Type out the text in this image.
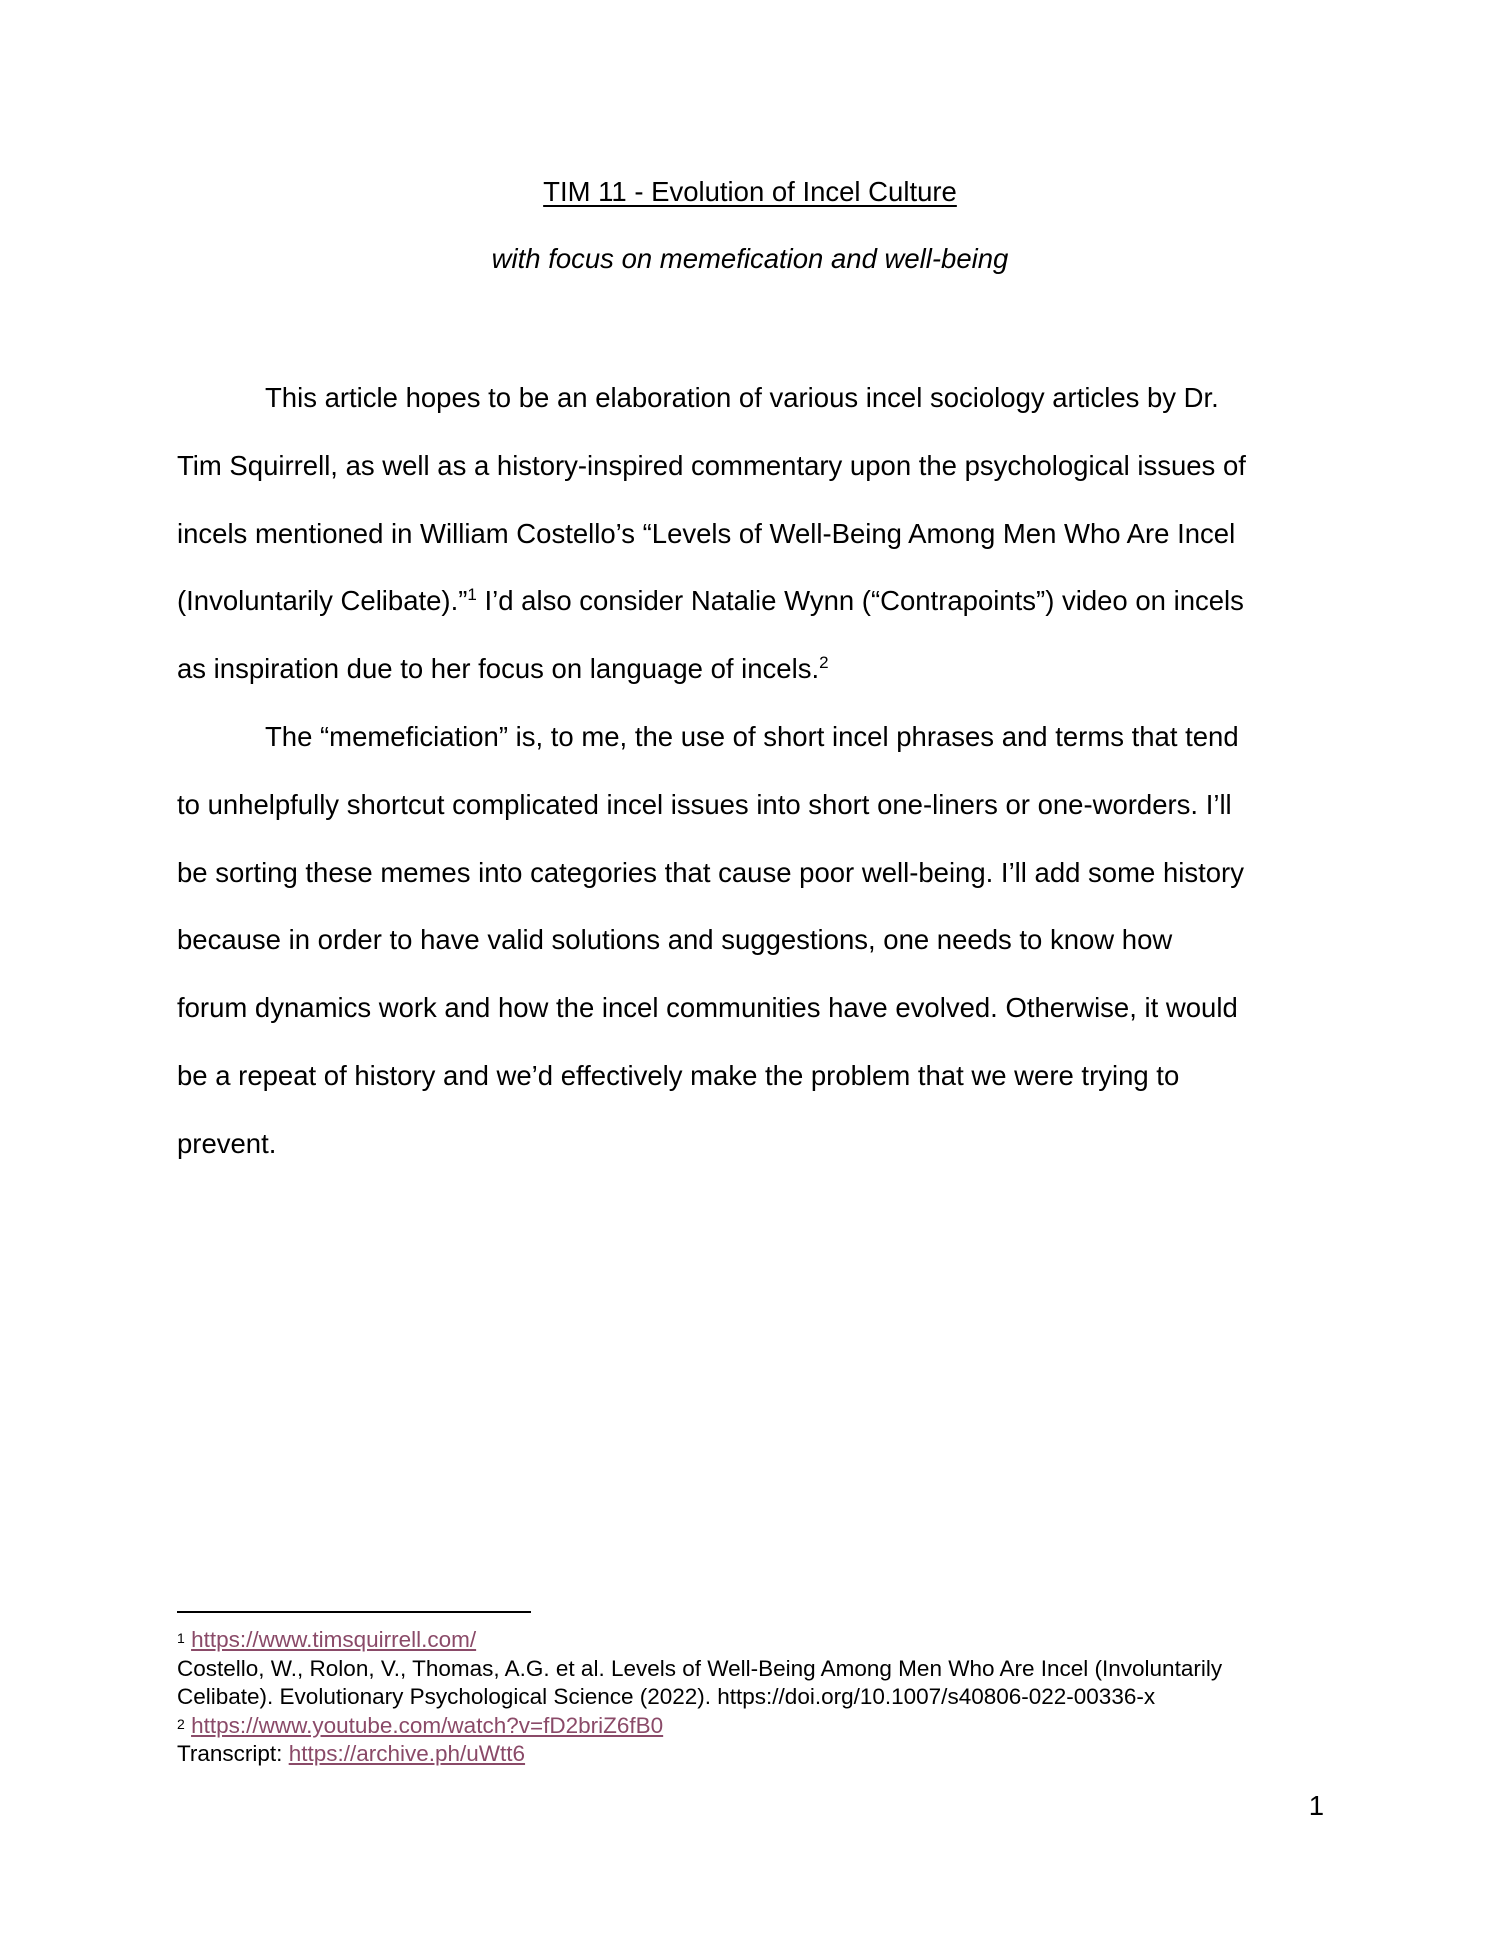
TIM 11 - Evolution of Incel Culture
with focus on memefication and well-being
This article hopes to be an elaboration of various incel sociology articles by Dr.
Tim Squirrell, as well as a history-inspired commentary upon the psychological issues of
incels mentioned in William Costello’s “Levels of Well-Being Among Men Who Are Incel
(Involuntarily Celibate).”$^1$ I’d also consider Natalie Wynn (“Contrapoints”) video on incels
as inspiration due to her focus on language of incels.$^2$
The “memeficiation” is, to me, the use of short incel phrases and terms that tend
to unhelpfully shortcut complicated incel issues into short one-liners or one-worders. I’ll
be sorting these memes into categories that cause poor well-being. I’ll add some history
because in order to have valid solutions and suggestions, one needs to know how
forum dynamics work and how the incel communities have evolved. Otherwise, it would
be a repeat of history and we’d effectively make the problem that we were trying to
prevent.
$^1$ https://www.timsquirrell.com/
Costello, W., Rolon, V., Thomas, A.G. et al. Levels of Well-Being Among Men Who Are Incel (Involuntarily
Celibate). Evolutionary Psychological Science (2022). https://doi.org/10.1007/s40806-022-00336-x
$^2$ https://www.youtube.com/watch?v=fD2briZ6fB0
Transcript: https://archive.ph/uWtt6
1
